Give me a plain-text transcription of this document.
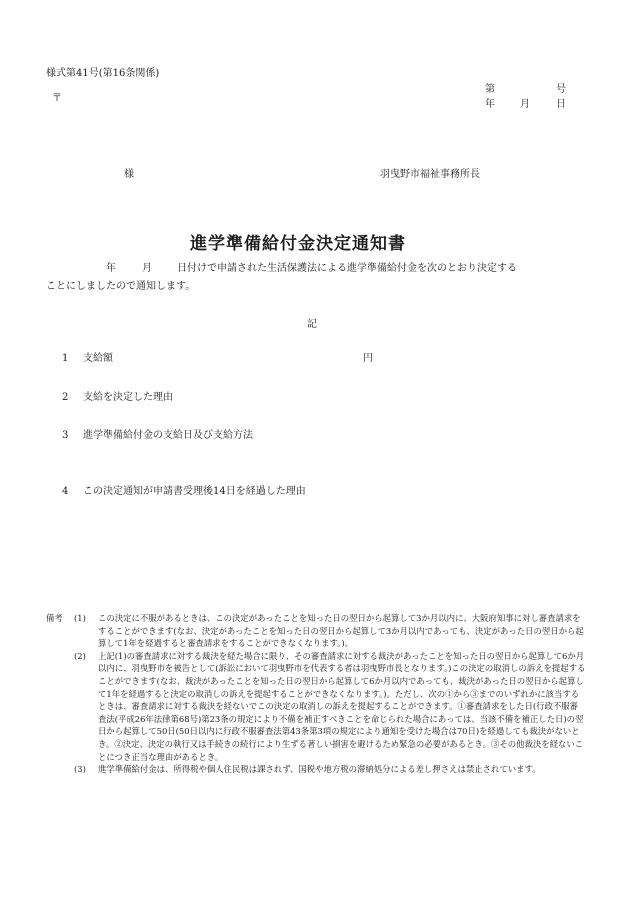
様式第41号(第16条関係)
〒
第	号
年	月	日
様	羽曳野市福祉事務所長
進学準備給付金決定通知書
年	月	日付けで申請された生活保護法による進学準備給付金を次のとおり決定する
ことにしましたので通知します。
記
1 支給額	円
2 支給を決定した理由
3 進学準備給付金の支給日及び支給方法
4 この決定通知が申請書受理後14日を経過した理由
備考	(1)	この決定に不服があるときは、この決定があったことを知った日の翌日から起算して3か月以内に、大阪府知事に対し審査請求をすることができます(なお、決定があったことを知った日の翌日から起算して3か月以内であっても、決定があった日の翌日から起算して1年を経過すると審査請求をすることができなくなります。)。
(2)	上記(1)の審査請求に対する裁決を経た場合に限り、その審査請求に対する裁決があったことを知った日の翌日から起算して6か月以内に、羽曳野市を被告として(訴訟において羽曳野市を代表する者は羽曳野市長となります。)この決定の取消しの訴えを提起することができます(なお、裁決があったことを知った日の翌日から起算して6か月以内であっても、裁決があった日の翌日から起算して1年を経過すると決定の取消しの訴えを提起することができなくなります。)。ただし、次の①から③までのいずれかに該当するときは、審査請求に対する裁決を経ないでこの決定の取消しの訴えを提起することができます。①審査請求をした日(行政不服審査法(平成26年法律第68号)第23条の規定により不備を補正すべきことを命じられた場合にあっては、当該不備を補正した日)の翌日から起算して50日(50日以内に行政不服審査法第43条第3項の規定により通知を受けた場合は70日)を経過しても裁決がないとき。②決定、決定の執行又は手続きの続行により生ずる著しい損害を避けるため緊急の必要があるとき。③その他裁決を経ないことにつき正当な理由があるとき。
(3)	進学準備給付金は、所得税や個人住民税は課されず、国税や地方税の滞納処分による差し押さえは禁止されています。
